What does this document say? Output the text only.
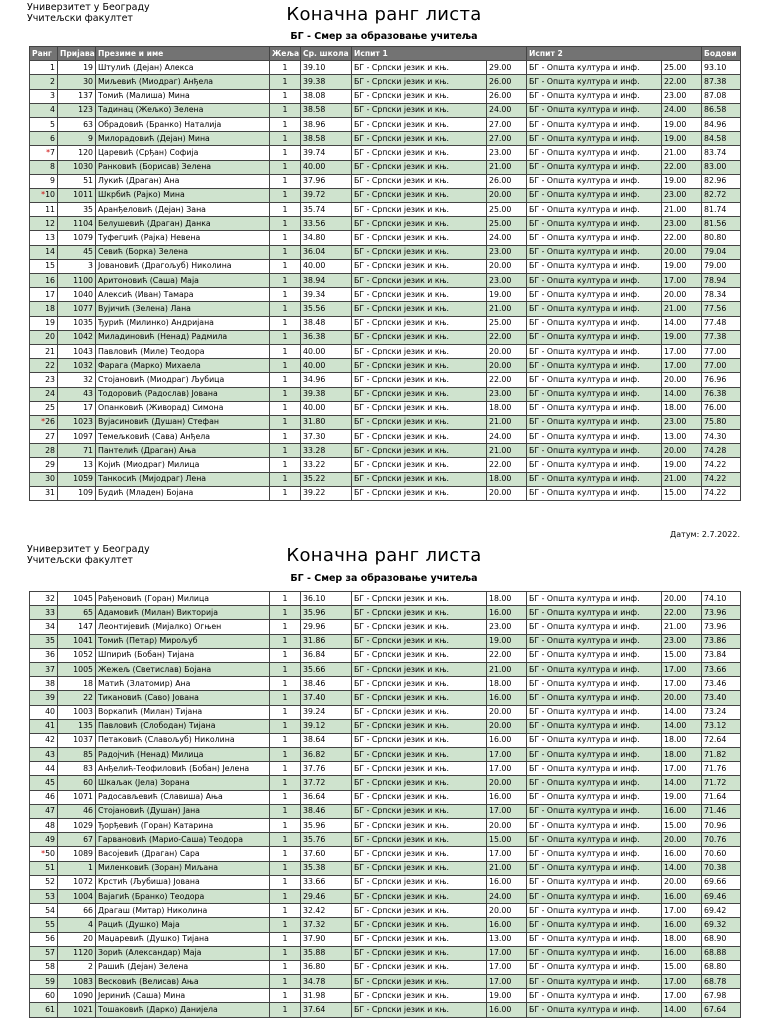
Универзитет у Београду
Учитељски факултет	Коначна ранг листа
БГ - Смер за образовање учитеља
Ранг	Пријава	Презиме и име	Жеља	Ср. школа	Испит 1		Испит 2		Бодови
1	19	Штулић (Дејан) Алекса	1	39.10	БГ - Српски језик и књ.	29.00	БГ - Општа култура и инф.	25.00	93.10
2	30	Миљевић (Миодраг) Анђела	1	39.38	БГ - Српски језик и књ.	26.00	БГ - Општа култура и инф.	22.00	87.38
3	137	Томић (Малиша) Мина	1	38.08	БГ - Српски језик и књ.	26.00	БГ - Општа култура и инф.	23.00	87.08
4	123	Тадинац (Жељко) Зелена	1	38.58	БГ - Српски језик и књ.	24.00	БГ - Општа култура и инф.	24.00	86.58
5	63	Обрадовић (Бранко) Наталија	1	38.96	БГ - Српски језик и књ.	27.00	БГ - Општа култура и инф.	19.00	84.96
6	9	Милорадовић (Дејан) Мина	1	38.58	БГ - Српски језик и књ.	27.00	БГ - Општа култура и инф.	19.00	84.58
*7	120	Царевић (Срђан) Софија	1	39.74	БГ - Српски језик и књ.	23.00	БГ - Општа култура и инф.	21.00	83.74
8	1030	Ранковић (Борисав) Зелена	1	40.00	БГ - Српски језик и књ.	21.00	БГ - Општа култура и инф.	22.00	83.00
9	51	Лукић (Драган) Ана	1	37.96	БГ - Српски језик и књ.	26.00	БГ - Општа култура и инф.	19.00	82.96
*10	1011	Шкрбић (Рајко) Мина	1	39.72	БГ - Српски језик и књ.	20.00	БГ - Општа култура и инф.	23.00	82.72
11	35	Аранђеловић (Дејан) Зана	1	35.74	БГ - Српски језик и књ.	25.00	БГ - Општа култура и инф.	21.00	81.74
12	1104	Белушевић (Драган) Данка	1	33.56	БГ - Српски језик и књ.	25.00	БГ - Општа култура и инф.	23.00	81.56
13	1079	Туфегџић (Рајка) Невена	1	34.80	БГ - Српски језик и књ.	24.00	БГ - Општа култура и инф.	22.00	80.80
14	45	Севић (Борка) Зелена	1	36.04	БГ - Српски језик и књ.	23.00	БГ - Општа култура и инф.	20.00	79.04
15	3	Јовановић (Драгољуб) Николина	1	40.00	БГ - Српски језик и књ.	20.00	БГ - Општа култура и инф.	19.00	79.00
16	1100	Аритоновић (Саша) Маја	1	38.94	БГ - Српски језик и књ.	23.00	БГ - Општа култура и инф.	17.00	78.94
17	1040	Алексић (Иван) Тамара	1	39.34	БГ - Српски језик и књ.	19.00	БГ - Општа култура и инф.	20.00	78.34
18	1077	Вујичић (Зелена) Лана	1	35.56	БГ - Српски језик и књ.	21.00	БГ - Општа култура и инф.	21.00	77.56
19	1035	Ђурић (Милинко) Андријана	1	38.48	БГ - Српски језик и књ.	25.00	БГ - Општа култура и инф.	14.00	77.48
20	1042	Миладиновић (Ненад) Радмила	1	36.38	БГ - Српски језик и књ.	22.00	БГ - Општа култура и инф.	19.00	77.38
21	1043	Павловић (Миле) Теодора	1	40.00	БГ - Српски језик и књ.	20.00	БГ - Општа култура и инф.	17.00	77.00
22	1032	Фарага (Марко) Михаела	1	40.00	БГ - Српски језик и књ.	20.00	БГ - Општа култура и инф.	17.00	77.00
23	32	Стојановић (Миодраг) Љубица	1	34.96	БГ - Српски језик и књ.	22.00	БГ - Општа култура и инф.	20.00	76.96
24	43	Тодоровић (Радослав) Јована	1	39.38	БГ - Српски језик и књ.	23.00	БГ - Општа култура и инф.	14.00	76.38
25	17	Опанковић (Живорад) Симона	1	40.00	БГ - Српски језик и књ.	18.00	БГ - Општа култура и инф.	18.00	76.00
*26	1023	Вујасиновић (Душан) Стефан	1	31.80	БГ - Српски језик и књ.	21.00	БГ - Општа култура и инф.	23.00	75.80
27	1097	Темељковић (Сава) Анђела	1	37.30	БГ - Српски језик и књ.	24.00	БГ - Општа култура и инф.	13.00	74.30
28	71	Пантелић (Драган) Ања	1	33.28	БГ - Српски језик и књ.	21.00	БГ - Општа култура и инф.	20.00	74.28
29	13	Којић (Миодраг) Милица	1	33.22	БГ - Српски језик и књ.	22.00	БГ - Општа култура и инф.	19.00	74.22
30	1059	Танкосић (Мијодраг) Лена	1	35.22	БГ - Српски језик и књ.	18.00	БГ - Општа култура и инф.	21.00	74.22
31	109	Будић (Младен) Бојана	1	39.22	БГ - Српски језик и књ.	20.00	БГ - Општа култура и инф.	15.00	74.22
Датум: 2.7.2022.
Универзитет у Београду
Учитељски факултет	Коначна ранг листа
БГ - Смер за образовање учитеља
32	1045	Рађеновић (Горан) Милица	1	36.10	БГ - Српски језик и књ.	18.00	БГ - Општа култура и инф.	20.00	74.10
33	65	Адамовић (Милан) Викторија	1	35.96	БГ - Српски језик и књ.	16.00	БГ - Општа култура и инф.	22.00	73.96
34	147	Леонтијевић (Мијалко) Огњен	1	29.96	БГ - Српски језик и књ.	23.00	БГ - Општа култура и инф.	21.00	73.96
35	1041	Томић (Петар) Мирољуб	1	31.86	БГ - Српски језик и књ.	19.00	БГ - Општа култура и инф.	23.00	73.86
36	1052	Шпирић (Бобан) Тијана	1	36.84	БГ - Српски језик и књ.	22.00	БГ - Општа култура и инф.	15.00	73.84
37	1005	Жежељ (Светислав) Бојана	1	35.66	БГ - Српски језик и књ.	21.00	БГ - Општа култура и инф.	17.00	73.66
38	18	Матић (Златомир) Ана	1	38.46	БГ - Српски језик и књ.	18.00	БГ - Општа култура и инф.	17.00	73.46
39	22	Тикановић (Саво) Јована	1	37.40	БГ - Српски језик и књ.	16.00	БГ - Општа култура и инф.	20.00	73.40
40	1003	Воркапић (Милан) Тијана	1	39.24	БГ - Српски језик и књ.	20.00	БГ - Општа култура и инф.	14.00	73.24
41	135	Павловић (Слободан) Тијана	1	39.12	БГ - Српски језик и књ.	20.00	БГ - Општа култура и инф.	14.00	73.12
42	1037	Петаковић (Славољуб) Николина	1	38.64	БГ - Српски језик и књ.	16.00	БГ - Општа култура и инф.	18.00	72.64
43	85	Радојчић (Ненад) Милица	1	36.82	БГ - Српски језик и књ.	17.00	БГ - Општа култура и инф.	18.00	71.82
44	83	Анђелић-Теофиловић (Бобан) Јелена	1	37.76	БГ - Српски језик и књ.	17.00	БГ - Општа култура и инф.	17.00	71.76
45	60	Шкаљак (Јела) Зорана	1	37.72	БГ - Српски језик и књ.	20.00	БГ - Општа култура и инф.	14.00	71.72
46	1071	Радосављевић (Славиша) Ања	1	36.64	БГ - Српски језик и књ.	16.00	БГ - Општа култура и инф.	19.00	71.64
47	46	Стојановић (Душан) Јана	1	38.46	БГ - Српски језик и књ.	17.00	БГ - Општа култура и инф.	16.00	71.46
48	1029	Ђорђевић (Горан) Катарина	1	35.96	БГ - Српски језик и књ.	20.00	БГ - Општа култура и инф.	15.00	70.96
49	67	Гарвановић (Марио-Саша) Теодора	1	35.76	БГ - Српски језик и књ.	15.00	БГ - Општа култура и инф.	20.00	70.76
*50	1089	Васојевић (Драган) Сара	1	37.60	БГ - Српски језик и књ.	17.00	БГ - Општа култура и инф.	16.00	70.60
51	1	Миленковић (Зоран) Миљана	1	35.38	БГ - Српски језик и књ.	21.00	БГ - Општа култура и инф.	14.00	70.38
52	1072	Крстић (Љубиша) Јована	1	33.66	БГ - Српски језик и књ.	16.00	БГ - Општа култура и инф.	20.00	69.66
53	1004	Вајагић (Бранко) Теодора	1	29.46	БГ - Српски језик и књ.	24.00	БГ - Општа култура и инф.	16.00	69.46
54	66	Драгаш (Митар) Николина	1	32.42	БГ - Српски језик и књ.	20.00	БГ - Општа култура и инф.	17.00	69.42
55	4	Рацић (Душко) Маја	1	37.32	БГ - Српски језик и књ.	16.00	БГ - Општа култура и инф.	16.00	69.32
56	20	Маџаревић (Душко) Тијана	1	37.90	БГ - Српски језик и књ.	13.00	БГ - Општа култура и инф.	18.00	68.90
57	1120	Зорић (Александар) Маја	1	35.88	БГ - Српски језик и књ.	17.00	БГ - Општа култура и инф.	16.00	68.88
58	2	Рашић (Дејан) Зелена	1	36.80	БГ - Српски језик и књ.	17.00	БГ - Општа култура и инф.	15.00	68.80
59	1083	Весковић (Велисав) Ања	1	34.78	БГ - Српски језик и књ.	17.00	БГ - Општа култура и инф.	17.00	68.78
60	1090	Јеринић (Саша) Мина	1	31.98	БГ - Српски језик и књ.	19.00	БГ - Општа култура и инф.	17.00	67.98
61	1021	Тошаковић (Дарко) Данијела	1	37.64	БГ - Српски језик и књ.	16.00	БГ - Општа култура и инф.	14.00	67.64
